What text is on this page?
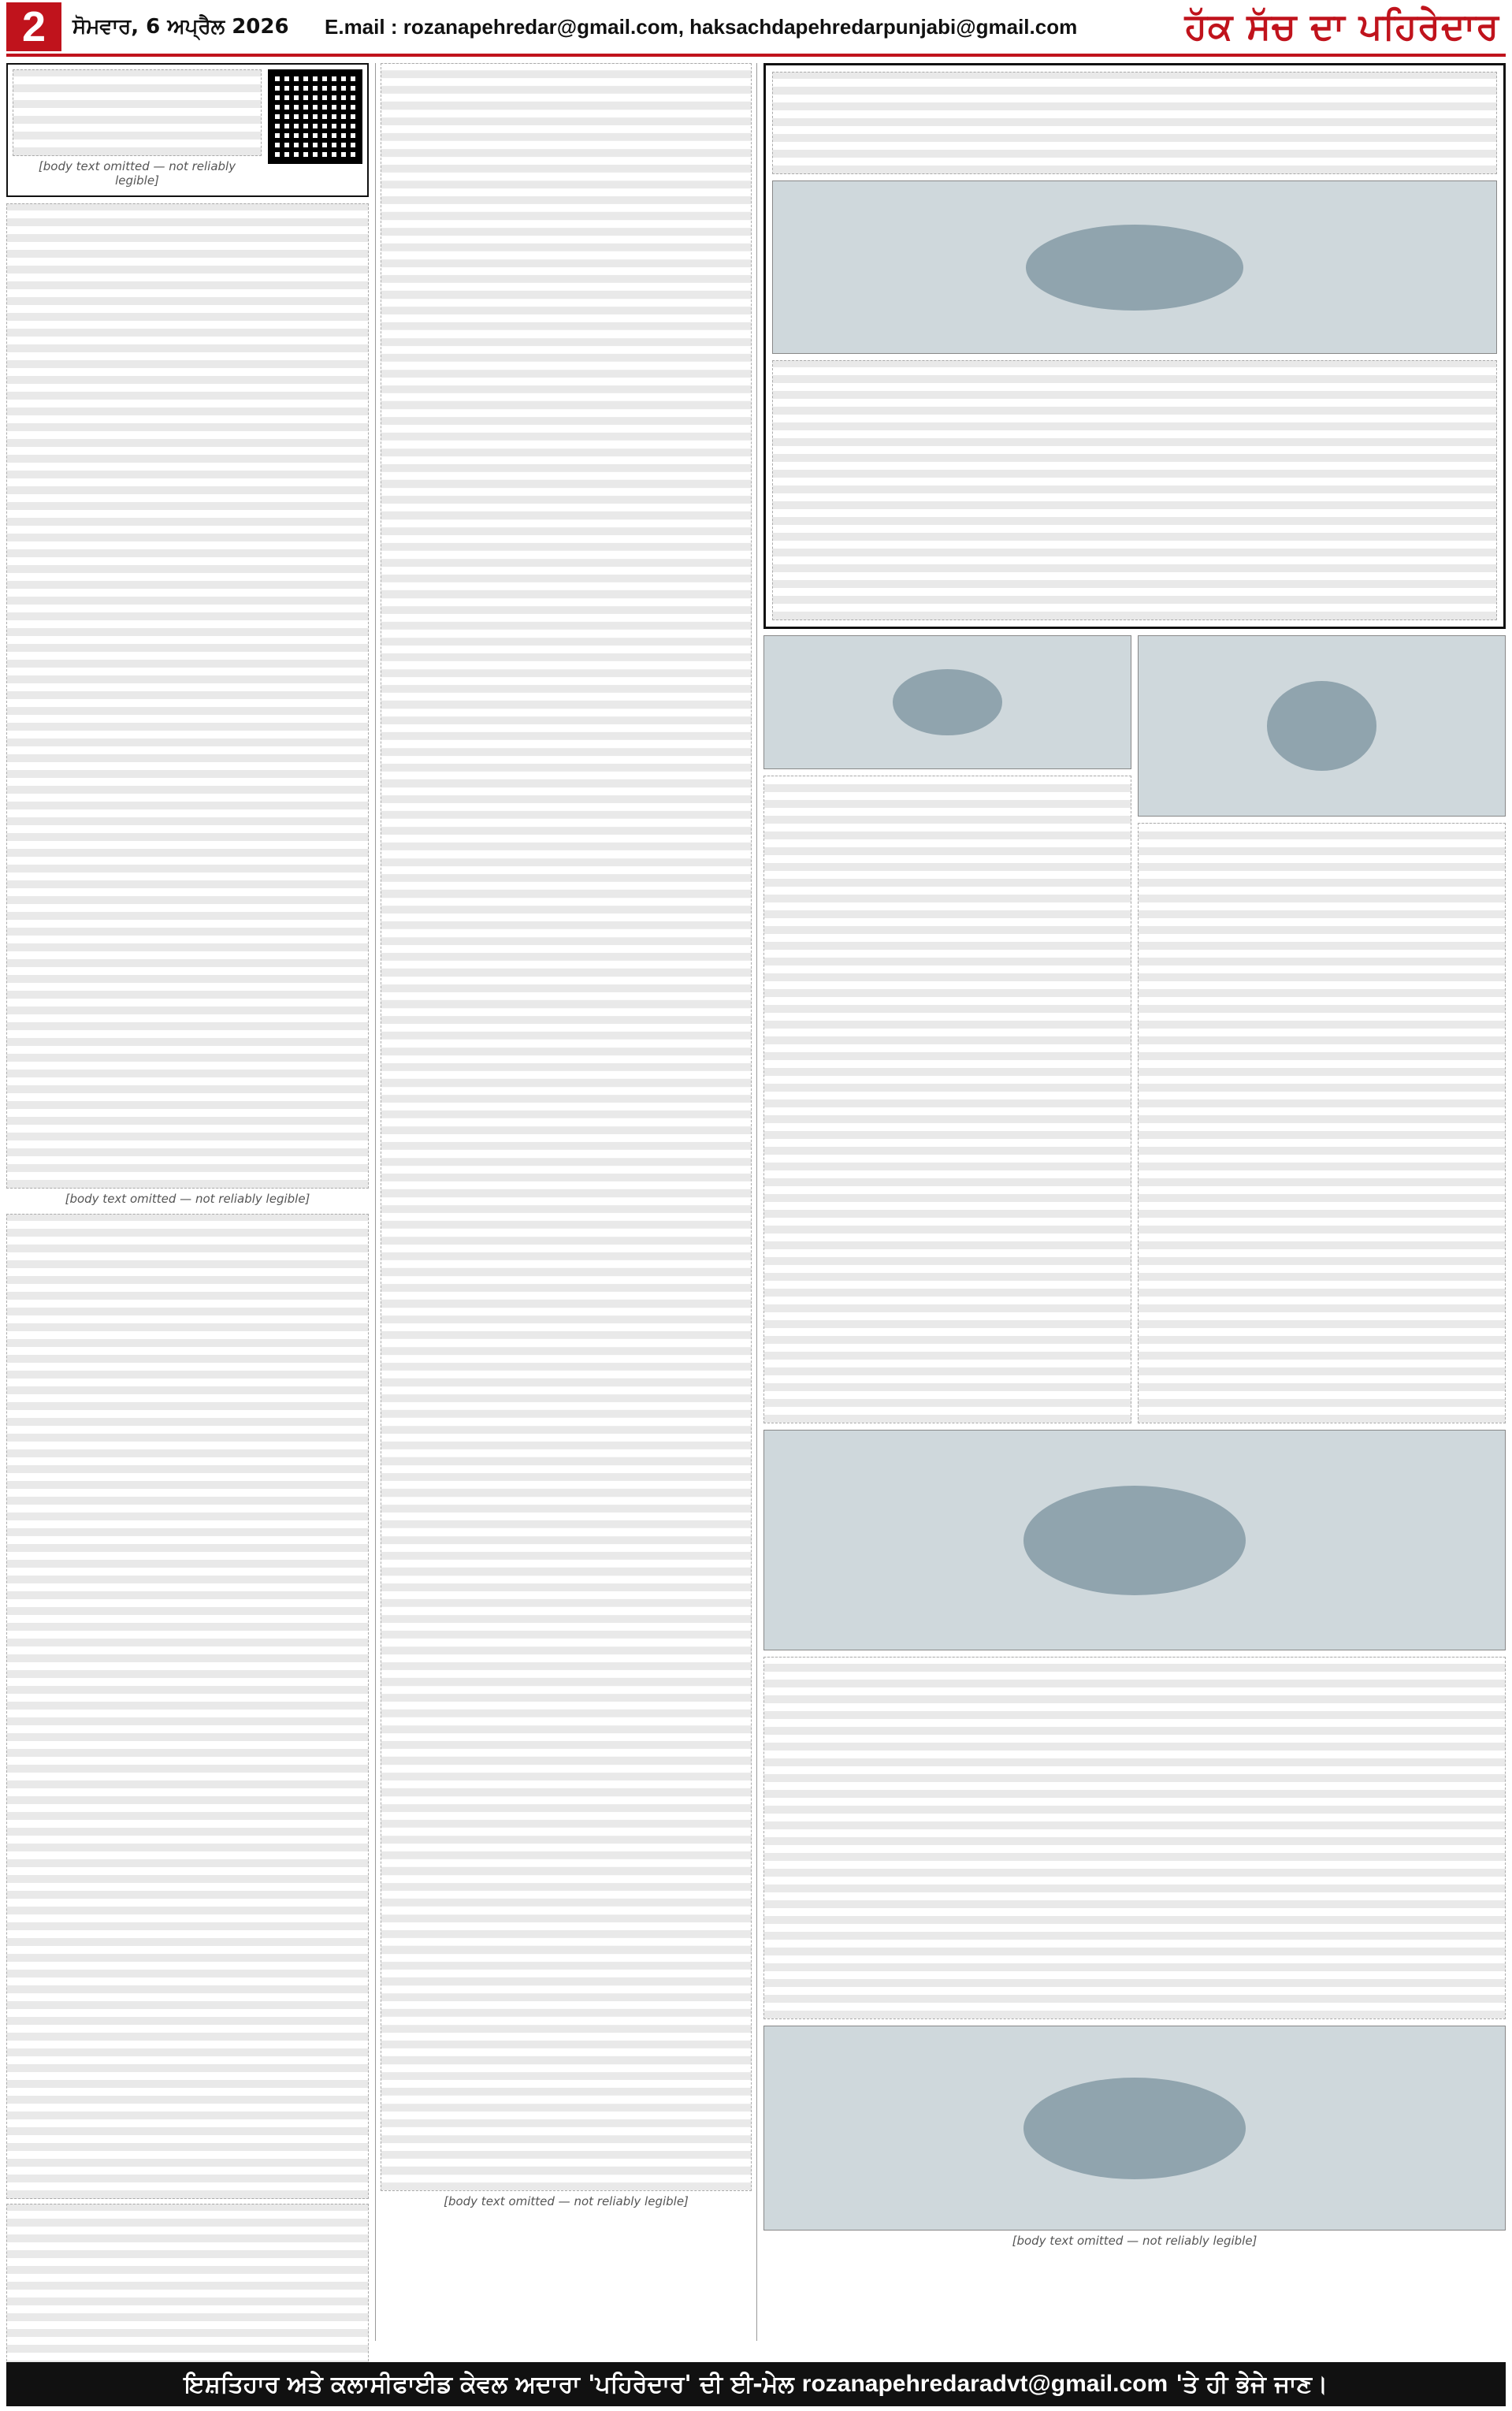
2	ਸੋਮਵਾਰ, 6 ਅਪ੍ਰੈਲ 2026	E.mail : rozanapehredar@gmail.com, haksachdapehredarpunjabi@gmail.com	ਹੱਕ ਸੱਚ ਦਾ ਪਹਿਰੇਦਾਰ
[body text omitted — not reliably legible]
[body text omitted — not reliably legible]
[body text omitted — not reliably legible]
[body text omitted — not reliably legible]
ਇਸ਼ਤਿਹਾਰ ਅਤੇ ਕਲਾਸੀਫਾਈਡ ਕੇਵਲ ਅਦਾਰਾ 'ਪਹਿਰੇਦਾਰ' ਦੀ ਈ-ਮੇਲ rozanapehredaradvt@gmail.com 'ਤੇ ਹੀ ਭੇਜੇ ਜਾਣ।
